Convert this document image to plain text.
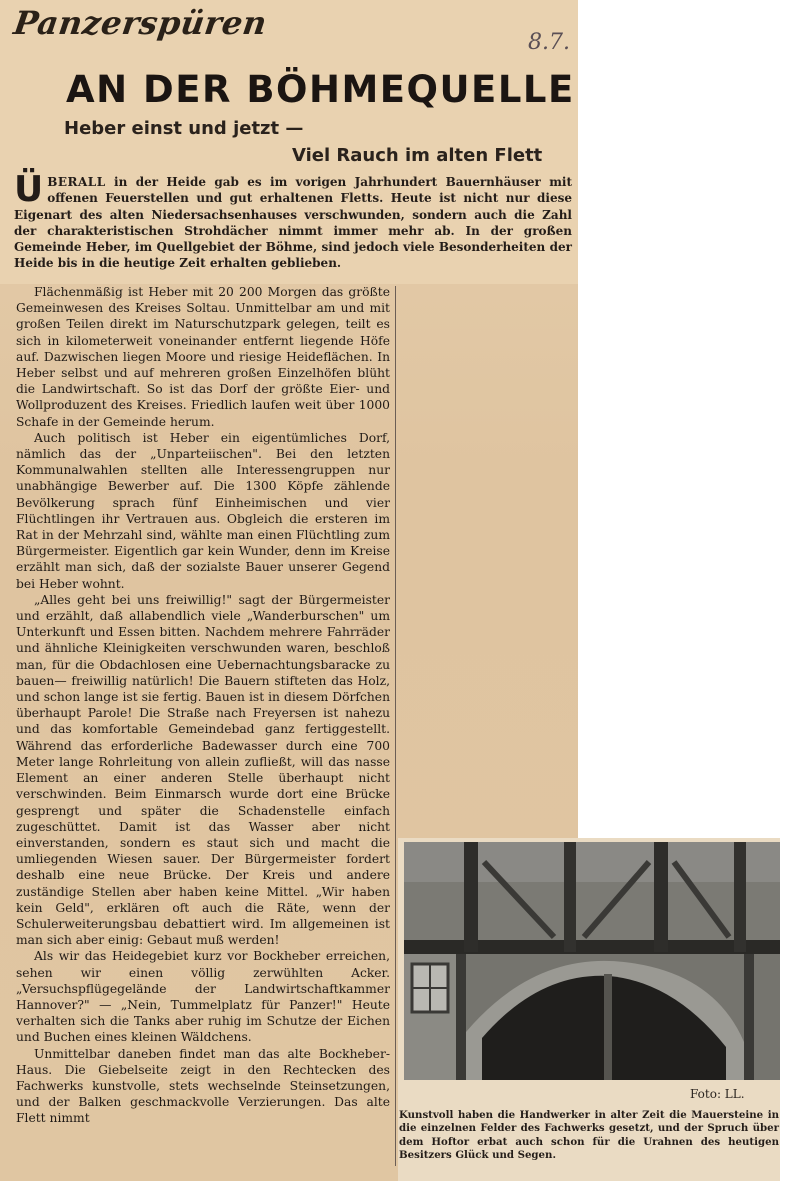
Panzerspüren
8.7.
AN DER BÖHMEQUELLE
Heber einst und jetzt —
Viel Rauch im alten Flett
ÜBERALL in der Heide gab es im vorigen Jahrhundert Bauernhäuser mit offenen Feuerstellen und gut erhaltenen Fletts. Heute ist nicht nur diese Eigenart des alten Niedersachsenhauses verschwunden, sondern auch die Zahl der charakteristischen Strohdächer nimmt immer mehr ab. In der großen Gemeinde Heber, im Quellgebiet der Böhme, sind jedoch viele Besonderheiten der Heide bis in die heutige Zeit erhalten geblieben.

Flächenmäßig ist Heber mit 20 200 Morgen das größte Gemeinwesen des Kreises Soltau. Unmittelbar am und mit großen Teilen direkt im Naturschutzpark gelegen, teilt es sich in kilometerweit voneinander entfernt liegende Höfe auf. Dazwischen liegen Moore und riesige Heideflächen. In Heber selbst und auf mehreren großen Einzelhöfen blüht die Landwirtschaft. So ist das Dorf der größte Eier- und Wollproduzent des Kreises. Friedlich laufen weit über 1000 Schafe in der Gemeinde herum.

Auch politisch ist Heber ein eigentümliches Dorf, nämlich das der „Unparteiischen". Bei den letzten Kommunalwahlen stellten alle Interessengruppen nur unabhängige Bewerber auf. Die 1300 Köpfe zählende Bevölkerung sprach fünf Einheimischen und vier Flüchtlingen ihr Vertrauen aus. Obgleich die ersteren im Rat in der Mehrzahl sind, wählte man einen Flüchtling zum Bürgermeister. Eigentlich gar kein Wunder, denn im Kreise erzählt man sich, daß der sozialste Bauer unserer Gegend bei Heber wohnt.

„Alles geht bei uns freiwillig!" sagt der Bürgermeister und erzählt, daß allabendlich viele „Wanderburschen" um Unterkunft und Essen bitten. Nachdem mehrere Fahrräder und ähnliche Kleinigkeiten verschwunden waren, beschloß man, für die Obdachlosen eine Uebernachtungsbaracke zu bauen— freiwillig natürlich! Die Bauern stifteten das Holz, und schon lange ist sie fertig. Bauen ist in diesem Dörfchen überhaupt Parole! Die Straße nach Freyersen ist nahezu und das komfortable Gemeindebad ganz fertiggestellt. Während das erforderliche Badewasser durch eine 700 Meter lange Rohrleitung von allein zufließt, will das nasse Element an einer anderen Stelle überhaupt nicht verschwinden. Beim Einmarsch wurde dort eine Brücke gesprengt und später die Schadenstelle einfach zugeschüttet. Damit ist das Wasser aber nicht einverstanden, sondern es staut sich und macht die umliegenden Wiesen sauer. Der Bürgermeister fordert deshalb eine neue Brücke. Der Kreis und andere zuständige Stellen aber haben keine Mittel. „Wir haben kein Geld", erklären oft auch die Räte, wenn der Schulerweiterungsbau debattiert wird. Im allgemeinen ist man sich aber einig: Gebaut muß werden!

Als wir das Heidegebiet kurz vor Bockheber erreichen, sehen wir einen völlig zerwühlten Acker. „Versuchspflügegelände der Landwirtschaftkammer Hannover?" — „Nein, Tummelplatz für Panzer!" Heute verhalten sich die Tanks aber ruhig im Schutze der Eichen und Buchen eines kleinen Wäldchens.

Unmittelbar daneben findet man das alte Bockheber-Haus. Die Giebelseite zeigt in den Rechtecken des Fachwerks kunstvolle, stets wechselnde Steinsetzungen, und der Balken geschmackvolle Verzierungen. Das alte Flett nimmt

Foto: LL.
Kunstvoll haben die Handwerker in alter Zeit die Mauersteine in die einzelnen Felder des Fachwerks gesetzt, und der Spruch über dem Hoftor erbat auch schon für die Urahnen des heutigen Besitzers Glück und Segen.
